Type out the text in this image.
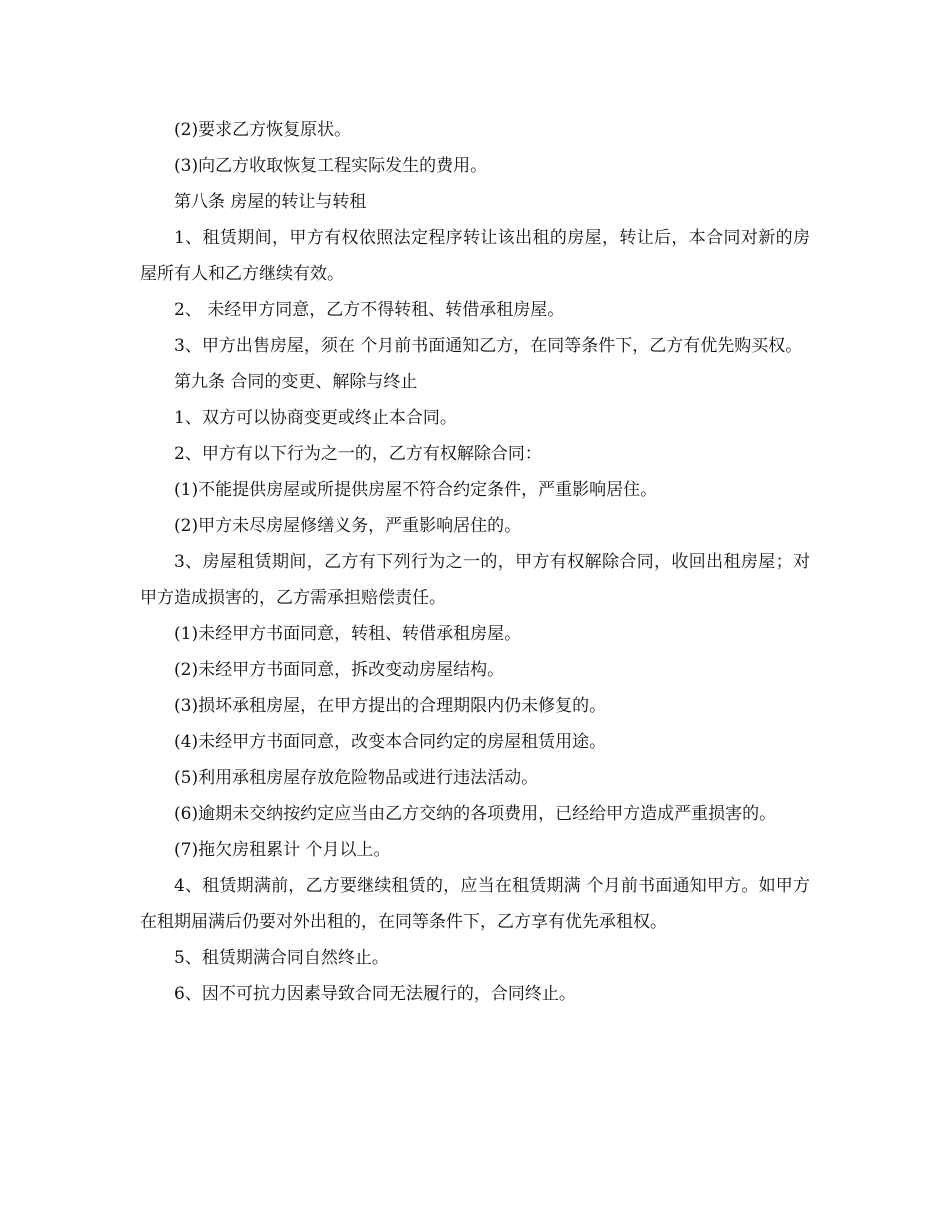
(2)要求乙方恢复原状。

(3)向乙方收取恢复工程实际发生的费用。

第八条 房屋的转让与转租

1、租赁期间，甲方有权依照法定程序转让该出租的房屋，转让后，本合同对新的房屋所有人和乙方继续有效。

2、 未经甲方同意，乙方不得转租、转借承租房屋。

3、甲方出售房屋，须在 个月前书面通知乙方，在同等条件下，乙方有优先购买权。

第九条 合同的变更、解除与终止

1、双方可以协商变更或终止本合同。

2、甲方有以下行为之一的，乙方有权解除合同：

(1)不能提供房屋或所提供房屋不符合约定条件，严重影响居住。

(2)甲方未尽房屋修缮义务，严重影响居住的。

3、房屋租赁期间，乙方有下列行为之一的，甲方有权解除合同，收回出租房屋；对甲方造成损害的，乙方需承担赔偿责任。

(1)未经甲方书面同意，转租、转借承租房屋。

(2)未经甲方书面同意，拆改变动房屋结构。

(3)损坏承租房屋，在甲方提出的合理期限内仍未修复的。

(4)未经甲方书面同意，改变本合同约定的房屋租赁用途。

(5)利用承租房屋存放危险物品或进行违法活动。

(6)逾期未交纳按约定应当由乙方交纳的各项费用，已经给甲方造成严重损害的。

(7)拖欠房租累计 个月以上。

4、租赁期满前，乙方要继续租赁的，应当在租赁期满 个月前书面通知甲方。如甲方在租期届满后仍要对外出租的，在同等条件下，乙方享有优先承租权。

5、租赁期满合同自然终止。

6、因不可抗力因素导致合同无法履行的，合同终止。
